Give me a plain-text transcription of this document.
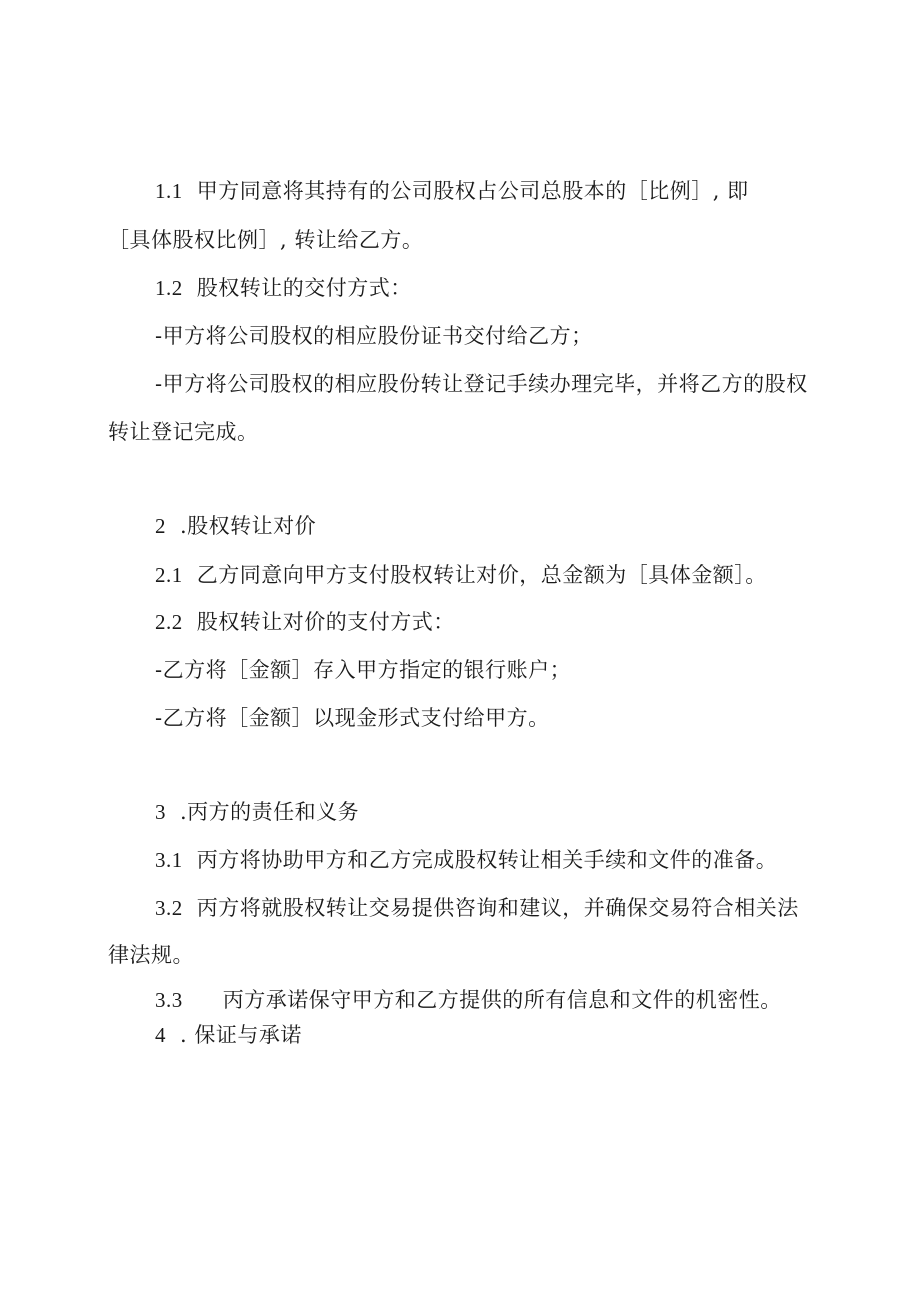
1.1 甲方同意将其持有的公司股权占公司总股本的［比例］, 即
［具体股权比例］, 转让给乙方。
1.2 股权转让的交付方式：
-甲方将公司股权的相应股份证书交付给乙方；
-甲方将公司股权的相应股份转让登记手续办理完毕，并将乙方的股权
转让登记完成。
2 .股权转让对价
2.1 乙方同意向甲方支付股权转让对价，总金额为［具体金额］。
2.2 股权转让对价的支付方式：
-乙方将［金额］存入甲方指定的银行账户；
-乙方将［金额］以现金形式支付给甲方。
3 .丙方的责任和义务
3.1 丙方将协助甲方和乙方完成股权转让相关手续和文件的准备。
3.2 丙方将就股权转让交易提供咨询和建议，并确保交易符合相关法
律法规。
3.3 丙方承诺保守甲方和乙方提供的所有信息和文件的机密性。
4 . 保证与承诺
